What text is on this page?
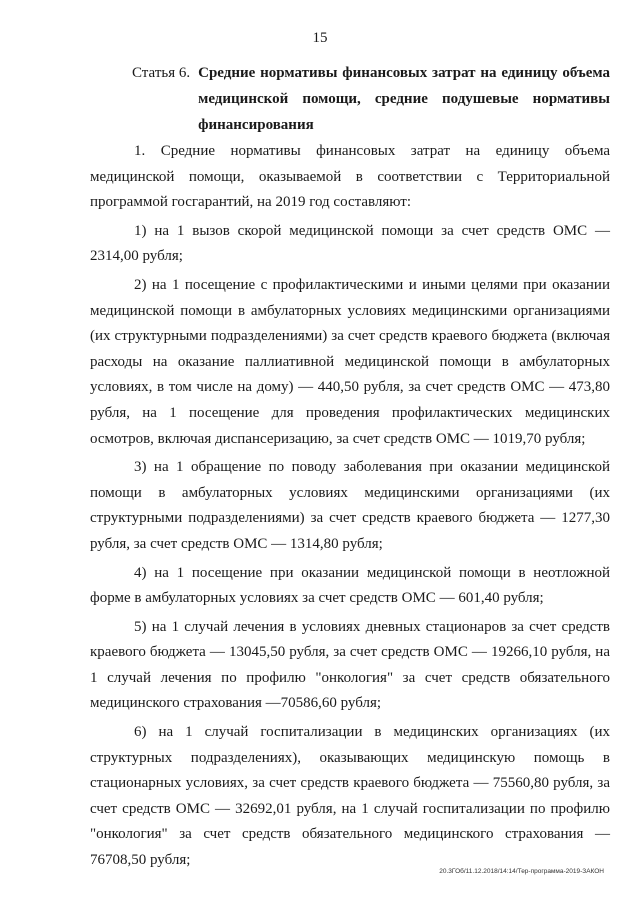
15
Статья 6. Средние нормативы финансовых затрат на единицу объема медицинской помощи, средние подушевые нормативы финансирования

1. Средние нормативы финансовых затрат на единицу объема медицинской помощи, оказываемой в соответствии с Территориальной программой госгарантий, на 2019 год составляют:

1) на 1 вызов скорой медицинской помощи за счет средств ОМС — 2314,00 рубля;

2) на 1 посещение с профилактическими и иными целями при оказании медицинской помощи в амбулаторных условиях медицинскими организациями (их структурными подразделениями) за счет средств краевого бюджета (включая расходы на оказание паллиативной медицинской помощи в амбулаторных условиях, в том числе на дому) — 440,50 рубля, за счет средств ОМС — 473,80 рубля, на 1 посещение для проведения профилактических медицинских осмотров, включая диспансеризацию, за счет средств ОМС — 1019,70 рубля;

3) на 1 обращение по поводу заболевания при оказании медицинской помощи в амбулаторных условиях медицинскими организациями (их структурными подразделениями) за счет средств краевого бюджета — 1277,30 рубля, за счет средств ОМС — 1314,80 рубля;

4) на 1 посещение при оказании медицинской помощи в неотложной форме в амбулаторных условиях за счет средств ОМС — 601,40 рубля;

5) на 1 случай лечения в условиях дневных стационаров за счет средств краевого бюджета — 13045,50 рубля, за счет средств ОМС — 19266,10 рубля, на 1 случай лечения по профилю "онкология" за счет средств обязательного медицинского страхования —70586,60 рубля;

6) на 1 случай госпитализации в медицинских организациях (их структурных подразделениях), оказывающих медицинскую помощь в стационарных условиях, за счет средств краевого бюджета — 75560,80 рубля, за счет средств ОМС — 32692,01 рубля, на 1 случай госпитализации по профилю "онкология" за счет средств обязательного медицинского страхования — 76708,50 рубля;

20.3ГОб/11.12.2018/14:14/Тер-программа-2019-ЗАКОН
